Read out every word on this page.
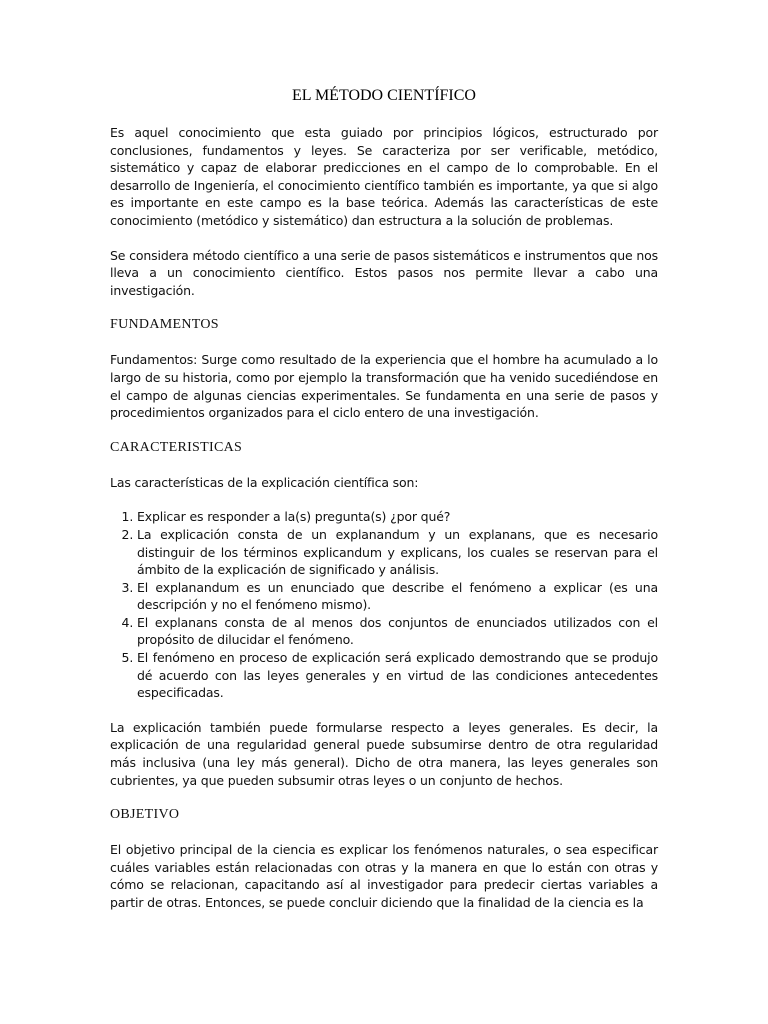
EL MÉTODO CIENTÍFICO

Es aquel conocimiento que esta guiado por principios lógicos, estructurado por conclusiones, fundamentos y leyes. Se caracteriza por ser verificable, metódico, sistemático y capaz de elaborar predicciones en el campo de lo comprobable. En el desarrollo de Ingeniería, el conocimiento científico también es importante, ya que si algo es importante en este campo es la base teórica. Además las características de este conocimiento (metódico y sistemático) dan estructura a la solución de problemas.

Se considera método científico a una serie de pasos sistemáticos e instrumentos que nos lleva a un conocimiento científico. Estos pasos nos permite llevar a cabo una investigación.

FUNDAMENTOS

Fundamentos: Surge como resultado de la experiencia que el hombre ha acumulado a lo largo de su historia, como por ejemplo la transformación que ha venido sucediéndose en el campo de algunas ciencias experimentales. Se fundamenta en una serie de pasos y procedimientos organizados para el ciclo entero de una investigación.

CARACTERISTICAS

Las características de la explicación científica son:

1. Explicar es responder a la(s) pregunta(s) ¿por qué?
2. La explicación consta de un explanandum y un explanans, que es necesario distinguir de los términos explicandum y explicans, los cuales se reservan para el ámbito de la explicación de significado y análisis.
3. El explanandum es un enunciado que describe el fenómeno a explicar (es una descripción y no el fenómeno mismo).
4. El explanans consta de al menos dos conjuntos de enunciados utilizados con el propósito de dilucidar el fenómeno.
5. El fenómeno en proceso de explicación será explicado demostrando que se produjo dé acuerdo con las leyes generales y en virtud de las condiciones antecedentes especificadas.

La explicación también puede formularse respecto a leyes generales. Es decir, la explicación de una regularidad general puede subsumirse dentro de otra regularidad más inclusiva (una ley más general). Dicho de otra manera, las leyes generales son cubrientes, ya que pueden subsumir otras leyes o un conjunto de hechos.

OBJETIVO

El objetivo principal de la ciencia es explicar los fenómenos naturales, o sea especificar cuáles variables están relacionadas con otras y la manera en que lo están con otras y cómo se relacionan, capacitando así al investigador para predecir ciertas variables a partir de otras. Entonces, se puede concluir diciendo que la finalidad de la ciencia es la
